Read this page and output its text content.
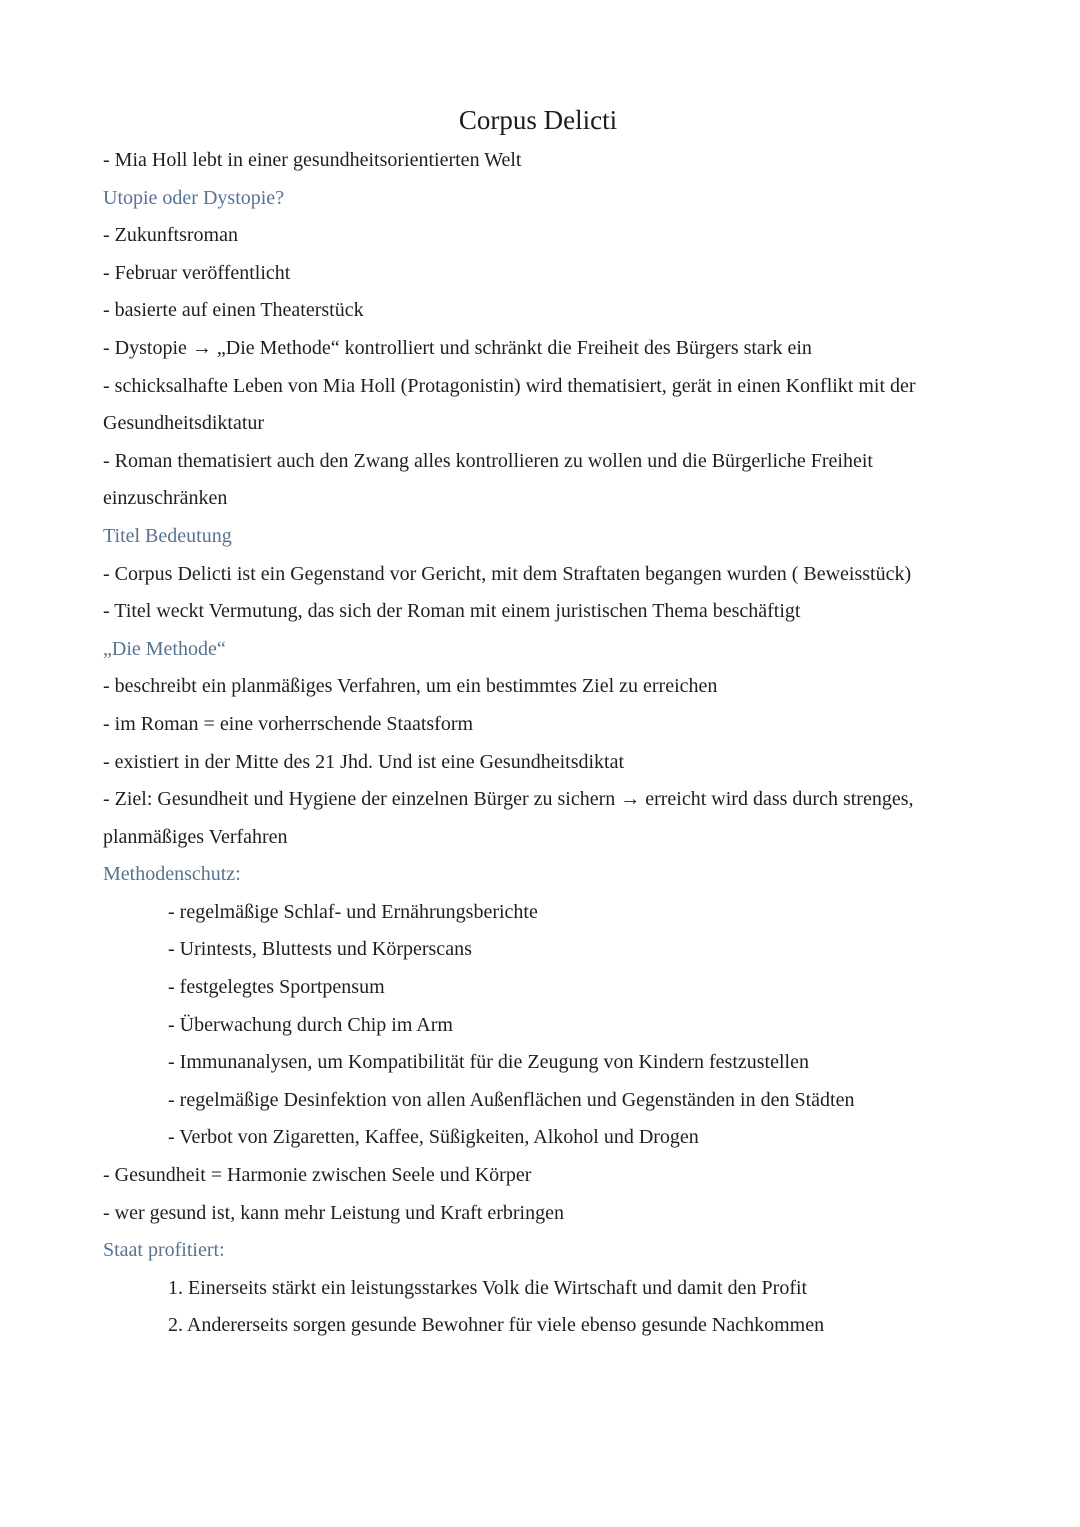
Corpus Delicti

- Mia Holl lebt in einer gesundheitsorientierten Welt

Utopie oder Dystopie?

- Zukunftsroman

- Februar veröffentlicht

- basierte auf einen Theaterstück

- Dystopie → „Die Methode“ kontrolliert und schränkt die Freiheit des Bürgers stark ein

- schicksalhafte Leben von Mia Holl (Protagonistin) wird thematisiert, gerät in einen Konflikt mit der Gesundheitsdiktatur

- Roman thematisiert auch den Zwang alles kontrollieren zu wollen und die Bürgerliche Freiheit einzuschränken

Titel Bedeutung

- Corpus Delicti ist ein Gegenstand vor Gericht, mit dem Straftaten begangen wurden ( Beweisstück)

- Titel weckt Vermutung, das sich der Roman mit einem juristischen Thema beschäftigt

„Die Methode“

- beschreibt ein planmäßiges Verfahren, um ein bestimmtes Ziel zu erreichen

- im Roman = eine vorherrschende Staatsform

- existiert in der Mitte des 21 Jhd. Und ist eine Gesundheitsdiktat

- Ziel: Gesundheit und Hygiene der einzelnen Bürger zu sichern → erreicht wird dass durch strenges, planmäßiges Verfahren

Methodenschutz:

- regelmäßige Schlaf- und Ernährungsberichte

- Urintests, Bluttests und Körperscans

- festgelegtes Sportpensum

- Überwachung durch Chip im Arm

- Immunanalysen, um Kompatibilität für die Zeugung von Kindern festzustellen

- regelmäßige Desinfektion von allen Außenflächen und Gegenständen in den Städten

- Verbot von Zigaretten, Kaffee, Süßigkeiten, Alkohol und Drogen

- Gesundheit = Harmonie zwischen Seele und Körper

- wer gesund ist, kann mehr Leistung und Kraft erbringen

Staat profitiert:

1. Einerseits stärkt ein leistungsstarkes Volk die Wirtschaft und damit den Profit

2. Andererseits sorgen gesunde Bewohner für viele ebenso gesunde Nachkommen
